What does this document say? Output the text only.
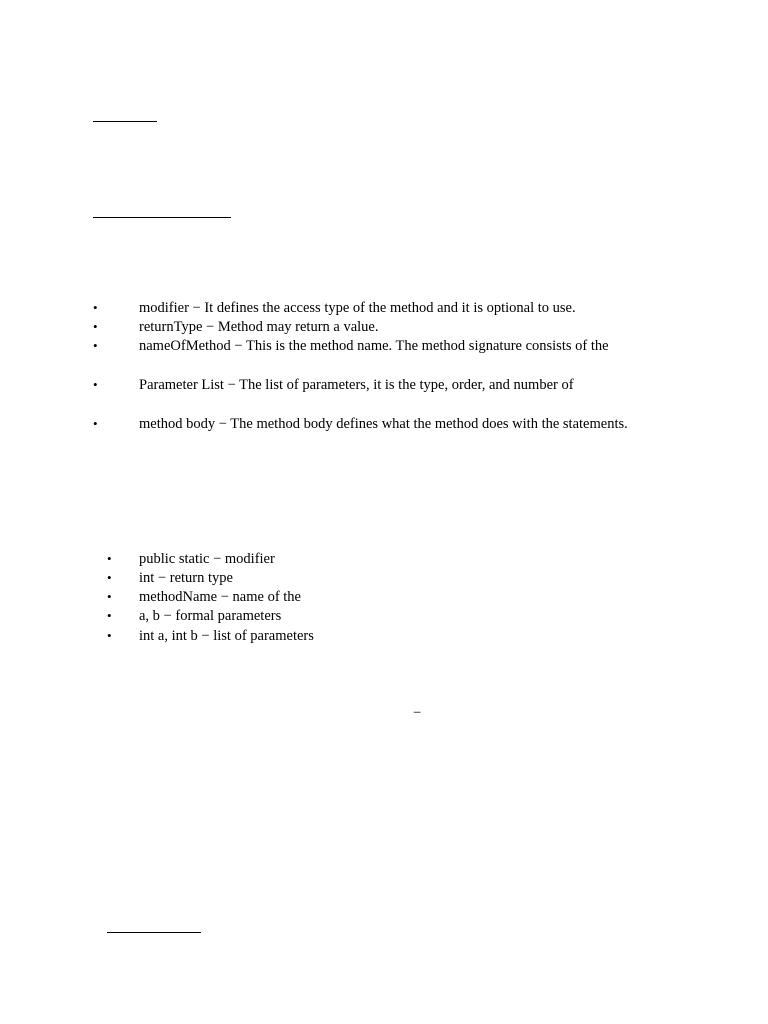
•	modifier − It defines the access type of the method and it is optional to use.
•	returnType − Method may return a value.
•	nameOfMethod − This is the method name. The method signature consists of the
•	Parameter List − The list of parameters, it is the type, order, and number of
•	method body − The method body defines what the method does with the statements.
• public static − modifier
• int − return type
• methodName − name of the
• a, b − formal parameters
• int a, int b − list of parameters
−
